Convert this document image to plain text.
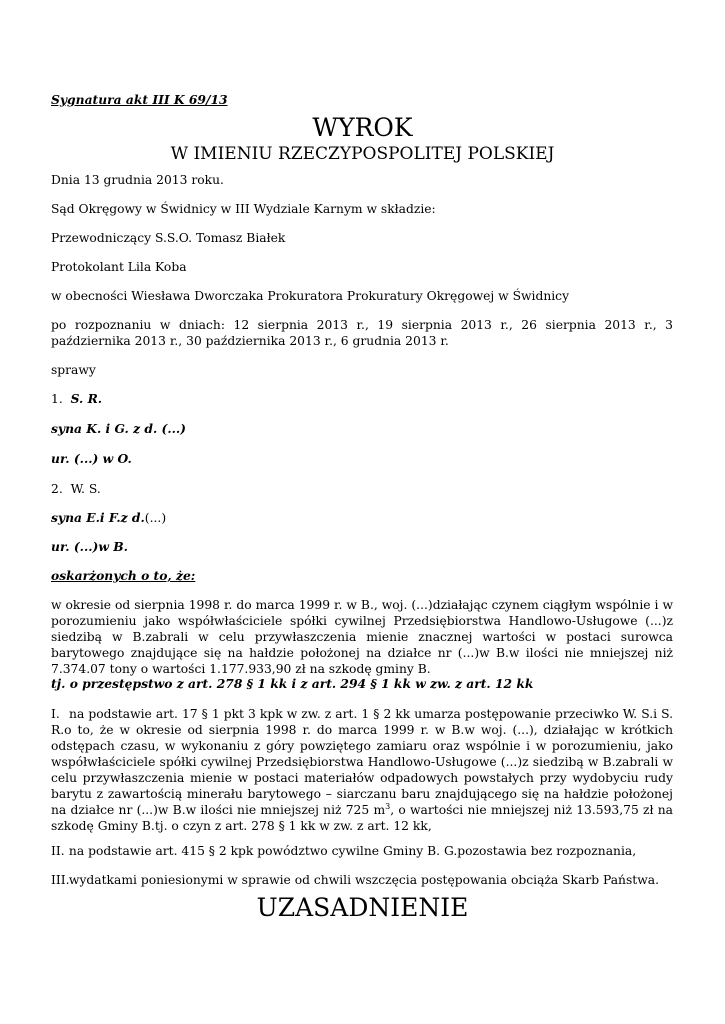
Sygnatura akt III K 69/13

WYROK

W IMIENIU RZECZYPOSPOLITEJ POLSKIEJ

Dnia 13 grudnia 2013 roku.

Sąd Okręgowy w Świdnicy w III Wydziale Karnym w składzie:

Przewodniczący S.S.O. Tomasz Białek

Protokolant Lila Koba

w obecności Wiesława Dworczaka Prokuratora Prokuratury Okręgowej w Świdnicy

po rozpoznaniu w dniach: 12 sierpnia 2013 r., 19 sierpnia 2013 r., 26 sierpnia 2013 r., 3 października 2013 r., 30 października 2013 r., 6 grudnia 2013 r.

sprawy

1. S. R.

syna K. i G. z d. (...)

ur. (...) w O.

2. W. S.

syna E.i F.z d.(...)

ur. (...)w B.

oskarżonych o to, że:

w okresie od sierpnia 1998 r. do marca 1999 r. w B., woj. (...)działając czynem ciągłym wspólnie i w porozumieniu jako współwłaściciele spółki cywilnej Przedsiębiorstwa Handlowo-Usługowe (...)z siedzibą w B.zabrali w celu przywłaszczenia mienie znacznej wartości w postaci surowca barytowego znajdujące się na hałdzie położonej na działce nr (...)w B.w ilości nie mniejszej niż 7.374.07 tony o wartości 1.177.933,90 zł na szkodę gminy B.

tj. o przestępstwo z art. 278 § 1 kk i z art. 294 § 1 kk w zw. z art. 12 kk

I. na podstawie art. 17 § 1 pkt 3 kpk w zw. z art. 1 § 2 kk umarza postępowanie przeciwko W. S.i S. R.o to, że w okresie od sierpnia 1998 r. do marca 1999 r. w B.w woj. (...), działając w krótkich odstępach czasu, w wykonaniu z góry powziętego zamiaru oraz wspólnie i w porozumieniu, jako współwłaściciele spółki cywilnej Przedsiębiorstwa Handlowo-Usługowe (...)z siedzibą w B.zabrali w celu przywłaszczenia mienie w postaci materiałów odpadowych powstałych przy wydobyciu rudy barytu z zawartością minerału barytowego – siarczanu baru znajdującego się na hałdzie położonej na działce nr (...)w B.w ilości nie mniejszej niż 725 $m^3$, o wartości nie mniejszej niż 13.593,75 zł na szkodę Gminy B.tj. o czyn z art. 278 § 1 kk w zw. z art. 12 kk,

II. na podstawie art. 415 § 2 kpk powództwo cywilne Gminy B. G.pozostawia bez rozpoznania,

III. wydatkami poniesionymi w sprawie od chwili wszczęcia postępowania obciąża Skarb Państwa.

UZASADNIENIE
